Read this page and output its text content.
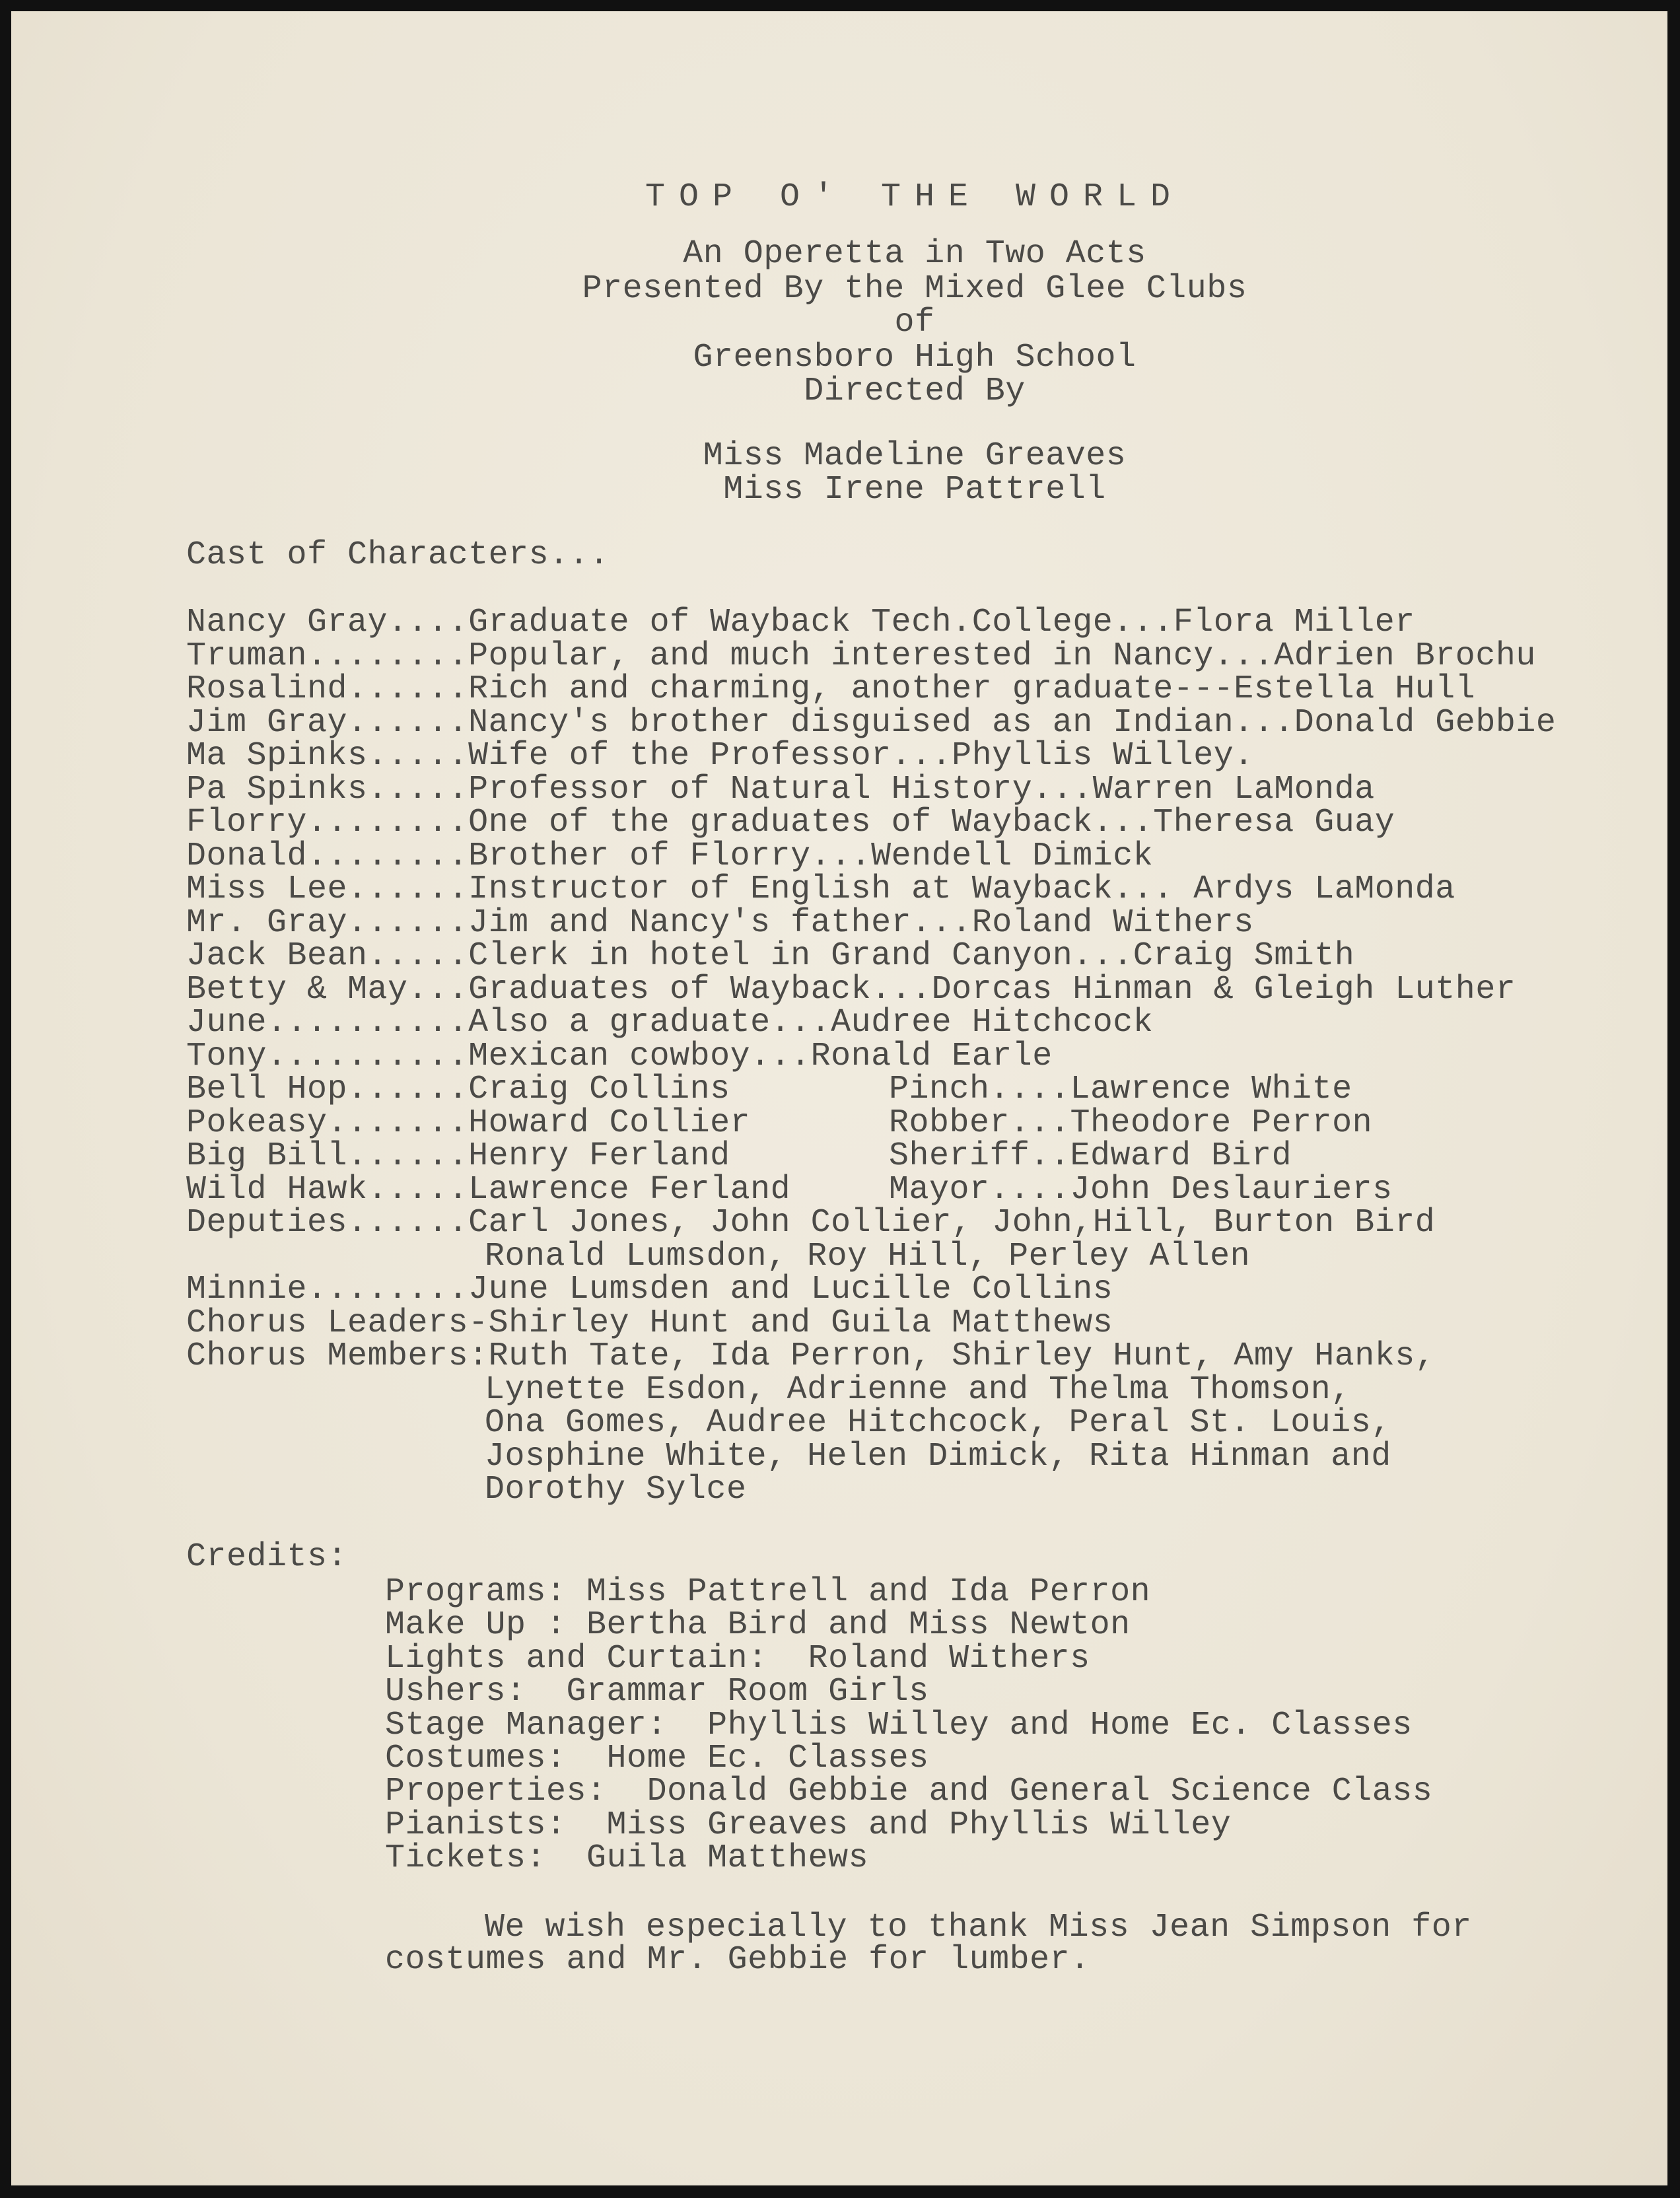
TOP O' THE WORLD
An Operetta in Two Acts
Presented By the Mixed Glee Clubs
of
Greensboro High School
Directed By
Miss Madeline Greaves
Miss Irene Pattrell
Cast of Characters...
Nancy Gray....Graduate of Wayback Tech.College...Flora Miller
Truman........Popular, and much interested in Nancy...Adrien Brochu
Rosalind......Rich and charming, another graduate---Estella Hull
Jim Gray......Nancy's brother disguised as an Indian...Donald Gebbie
Ma Spinks.....Wife of the Professor...Phyllis Willey.
Pa Spinks.....Professor of Natural History...Warren LaMonda
Florry........One of the graduates of Wayback...Theresa Guay
Donald........Brother of Florry...Wendell Dimick
Miss Lee......Instructor of English at Wayback... Ardys LaMonda
Mr. Gray......Jim and Nancy's father...Roland Withers
Jack Bean.....Clerk in hotel in Grand Canyon...Craig Smith
Betty & May...Graduates of Wayback...Dorcas Hinman & Gleigh Luther
June..........Also a graduate...Audree Hitchcock
Tony..........Mexican cowboy...Ronald Earle
Bell Hop......Craig Collins	Pinch....Lawrence White
Pokeasy.......Howard Collier	Robber...Theodore Perron
Big Bill......Henry Ferland	Sheriff..Edward Bird
Wild Hawk.....Lawrence Ferland	Mayor....John Deslauriers
Deputies......Carl Jones, John Collier, John,Hill, Burton Bird
Ronald Lumsdon, Roy Hill, Perley Allen
Minnie........June Lumsden and Lucille Collins
Chorus Leaders-Shirley Hunt and Guila Matthews
Chorus Members:Ruth Tate, Ida Perron, Shirley Hunt, Amy Hanks,
Lynette Esdon, Adrienne and Thelma Thomson,
Ona Gomes, Audree Hitchcock, Peral St. Louis,
Josphine White, Helen Dimick, Rita Hinman and
Dorothy Sylce
Credits:
Programs: Miss Pattrell and Ida Perron
Make Up : Bertha Bird and Miss Newton
Lights and Curtain:  Roland Withers
Ushers:  Grammar Room Girls
Stage Manager:  Phyllis Willey and Home Ec. Classes
Costumes:  Home Ec. Classes
Properties:  Donald Gebbie and General Science Class
Pianists:  Miss Greaves and Phyllis Willey
Tickets:  Guila Matthews
We wish especially to thank Miss Jean Simpson for
costumes and Mr. Gebbie for lumber.
